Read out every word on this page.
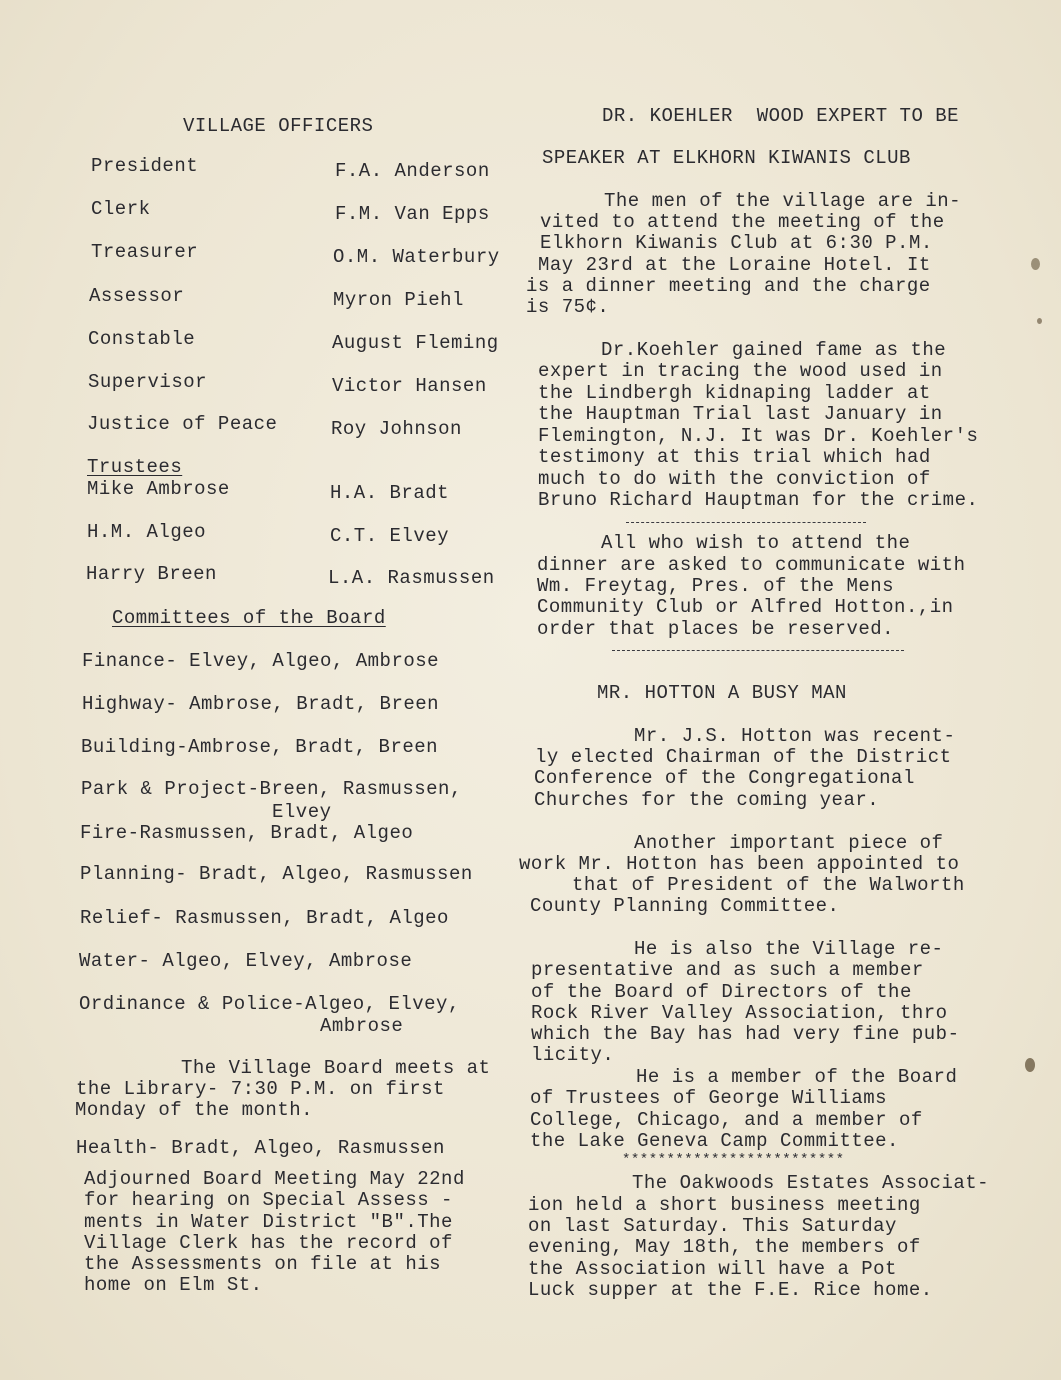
VILLAGE OFFICERS
President	F.A. Anderson
Clerk	F.M. Van Epps
Treasurer	O.M. Waterbury
Assessor	Myron Piehl
Constable	August Fleming
Supervisor	Victor Hansen
Justice of Peace	Roy Johnson
Trustees
Mike Ambrose	H.A. Bradt
H.M. Algeo	C.T. Elvey
Harry Breen	L.A. Rasmussen
Committees of the Board
Finance- Elvey, Algeo, Ambrose
Highway- Ambrose, Bradt, Breen
Building-Ambrose, Bradt, Breen
Park & Project-Breen, Rasmussen,
Elvey
Fire-Rasmussen, Bradt, Algeo
Planning- Bradt, Algeo, Rasmussen
Relief- Rasmussen, Bradt, Algeo
Water- Algeo, Elvey, Ambrose
Ordinance & Police-Algeo, Elvey,
Ambrose
The Village Board meets at
the Library- 7:30 P.M. on first
Monday of the month.
Health- Bradt, Algeo, Rasmussen
Adjourned Board Meeting May 22nd
for hearing on Special Assess -
ments in Water District "B".The
Village Clerk has the record of
the Assessments on file at his
home on Elm St.
DR. KOEHLER  WOOD EXPERT TO BE
SPEAKER AT ELKHORN KIWANIS CLUB
The men of the village are in-
vited to attend the meeting of the
Elkhorn Kiwanis Club at 6:30 P.M.
May 23rd at the Loraine Hotel. It
is a dinner meeting and the charge
is 75¢.
Dr.Koehler gained fame as the
expert in tracing the wood used in
the Lindbergh kidnaping ladder at
the Hauptman Trial last January in
Flemington, N.J. It was Dr. Koehler's
testimony at this trial which had
much to do with the conviction of
Bruno Richard Hauptman for the crime.
All who wish to attend the
dinner are asked to communicate with
Wm. Freytag, Pres. of the Mens
Community Club or Alfred Hotton.,in
order that places be reserved.
MR. HOTTON A BUSY MAN
Mr. J.S. Hotton was recent-
ly elected Chairman of the District
Conference of the Congregational
Churches for the coming year.
Another important piece of
work Mr. Hotton has been appointed to
that of President of the Walworth
County Planning Committee.
He is also the Village re-
presentative and as such a member
of the Board of Directors of the
Rock River Valley Association, thro
which the Bay has had very fine pub-
licity.
He is a member of the Board
of Trustees of George Williams
College, Chicago, and a member of
the Lake Geneva Camp Committee.
*************************
The Oakwoods Estates Associat-
ion held a short business meeting
on last Saturday. This Saturday
evening, May 18th, the members of
the Association will have a Pot
Luck supper at the F.E. Rice home.
